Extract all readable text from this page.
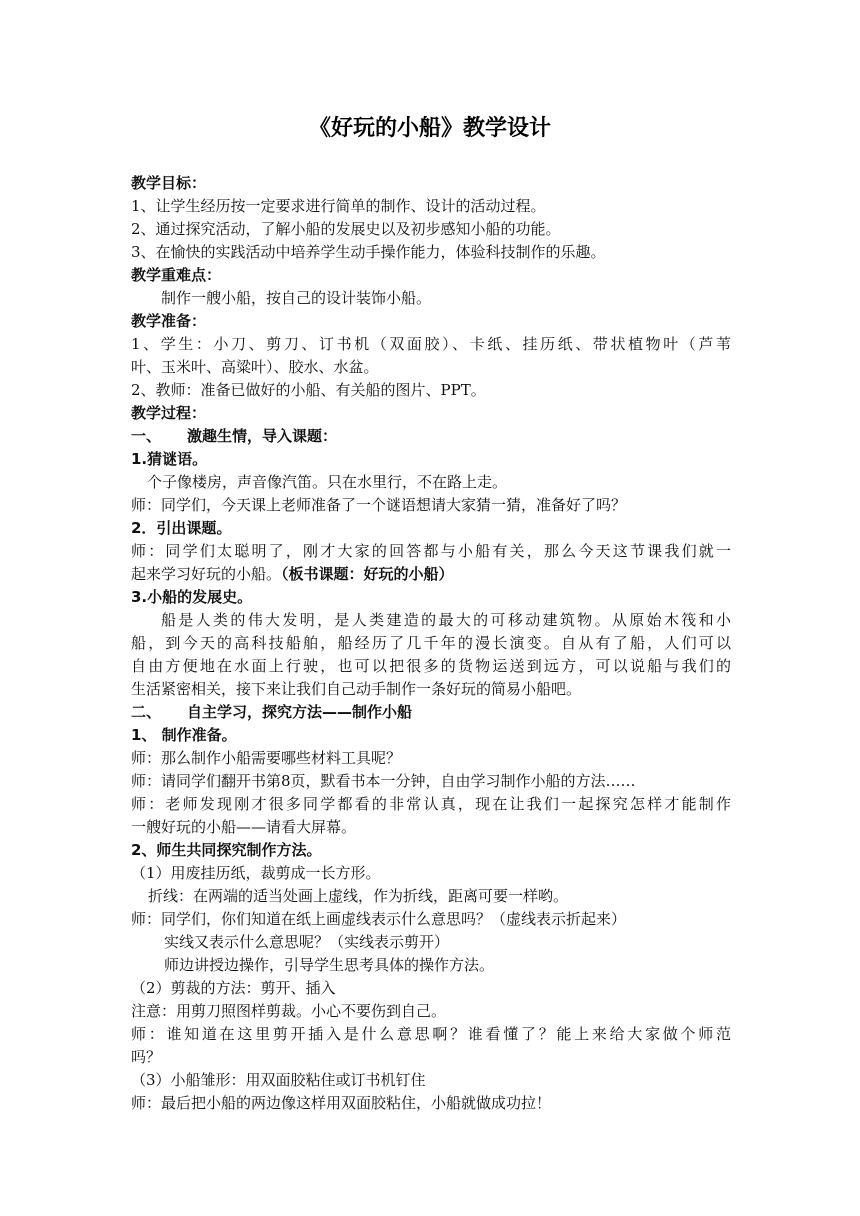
《好玩的小船》教学设计
教学目标：
1、让学生经历按一定要求进行简单的制作、设计的活动过程。
2、通过探究活动，了解小船的发展史以及初步感知小船的功能。
3、在愉快的实践活动中培养学生动手操作能力，体验科技制作的乐趣。
教学重难点：
制作一艘小船，按自己的设计装饰小船。
教学准备：
1、学生：小刀、剪刀、订书机（双面胶）、卡纸、挂历纸、带状植物叶（芦苇
叶、玉米叶、高粱叶）、胶水、水盆。
2、教师：准备已做好的小船、有关船的图片、PPT。
教学过程：
一、 激趣生情，导入课题：
1.猜谜语。
个子像楼房，声音像汽笛。只在水里行，不在路上走。
师：同学们，今天课上老师准备了一个谜语想请大家猜一猜，准备好了吗？
2．引出课题。
师：同学们太聪明了，刚才大家的回答都与小船有关，那么今天这节课我们就一
起来学习好玩的小船。（板书课题：好玩的小船）
3.小船的发展史。
船是人类的伟大发明，是人类建造的最大的可移动建筑物。从原始木筏和小
船，到今天的高科技船舶，船经历了几千年的漫长演变。自从有了船，人们可以
自由方便地在水面上行驶，也可以把很多的货物运送到远方，可以说船与我们的
生活紧密相关，接下来让我们自己动手制作一条好玩的简易小船吧。
二、 自主学习，探究方法——制作小船
1、 制作准备。
师：那么制作小船需要哪些材料工具呢？
师：请同学们翻开书第8页，默看书本一分钟，自由学习制作小船的方法……
师：老师发现刚才很多同学都看的非常认真，现在让我们一起探究怎样才能制作
一艘好玩的小船——请看大屏幕。
2、师生共同探究制作方法。
（1）用废挂历纸，裁剪成一长方形。
折线：在两端的适当处画上虚线，作为折线，距离可要一样哟。
师：同学们，你们知道在纸上画虚线表示什么意思吗？（虚线表示折起来）
实线又表示什么意思呢？（实线表示剪开）
师边讲授边操作，引导学生思考具体的操作方法。
（2）剪裁的方法：剪开、插入
注意：用剪刀照图样剪裁。小心不要伤到自己。
师：谁知道在这里剪开插入是什么意思啊？谁看懂了？能上来给大家做个师范
吗？
（3）小船雏形：用双面胶粘住或订书机钉住
师：最后把小船的两边像这样用双面胶粘住，小船就做成功拉！
